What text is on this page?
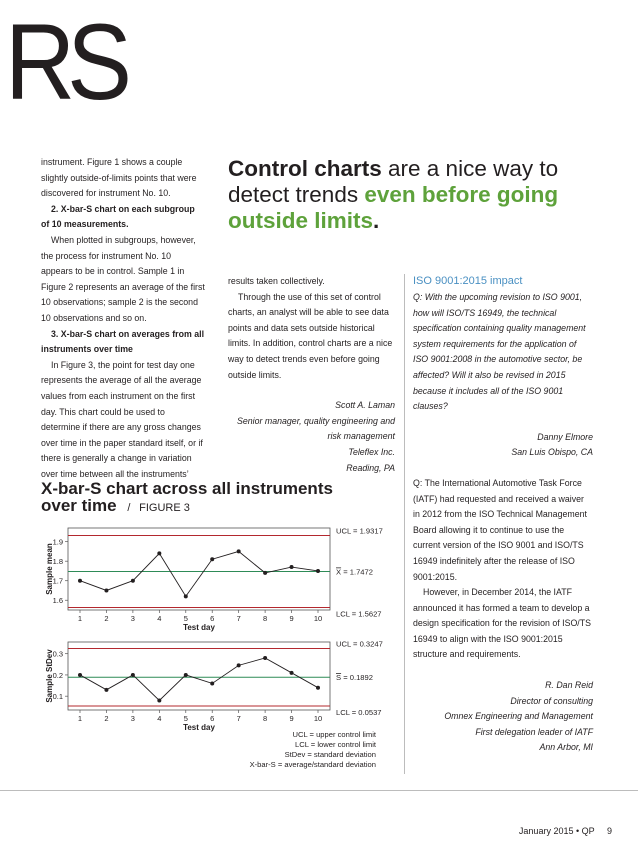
RS

instrument. Figure 1 shows a couple slightly outside-of-limits points that were discovered for instrument No. 10.

2. X-bar-S chart on each subgroup of 10 measurements.

When plotted in subgroups, however, the process for instrument No. 10 appears to be in control. Sample 1 in Figure 2 represents an average of the first 10 observations; sample 2 is the second 10 observations and so on.

3. X-bar-S chart on averages from all instruments over time

In Figure 3, the point for test day one represents the average of all the average values from each instrument on the first day. This chart could be used to determine if there are any gross changes over time in the paper standard itself, or if there is generally a change in variation over time between all the instruments’

Control charts are a nice way to detect trends even before going outside limits.

results taken collectively.

Through the use of this set of control charts, an analyst will be able to see data points and data sets outside historical limits. In addition, control charts are a nice way to detect trends even before going outside limits.

Scott A. Laman

Senior manager, quality engineering and risk management

Teleflex Inc.

Reading, PA

ISO 9001:2015 impact

Q: With the upcoming revision to ISO 9001, how will ISO/TS 16949, the technical specification containing quality management system requirements for the application of ISO 9001:2008 in the automotive sector, be affected? Will it also be revised in 2015 because it includes all of the ISO 9001 clauses?

Danny Elmore

San Luis Obispo, CA

Q: The International Automotive Task Force (IATF) had requested and received a waiver in 2012 from the ISO Technical Management Board allowing it to continue to use the current version of the ISO 9001 and ISO/TS 16949 indefinitely after the release of ISO 9001:2015.

However, in December 2014, the IATF announced it has formed a team to develop a design specification for the revision of ISO/TS 16949 to align with the ISO 9001:2015 structure and requirements.

R. Dan Reid

Director of consulting

Omnex Engineering and Management

First delegation leader of IATF

Ann Arbor, MI

X-bar-S chart across all instruments
over time / FIGURE 3
1.6
1.7
1.8
1.9
1	2	3	4	5	6	7	8	9	10
Test day
Sample mean
UCL = 1.9317
X = 1.7472
LCL = 1.5627
0.1
0.2
0.3
1	2	3	4	5	6	7	8	9	10
Test day
Sample StDev
UCL = 0.3247
S = 0.1892
LCL = 0.0537
UCL = upper control limit
LCL = lower control limit
StDev = standard deviation
X-bar-S = average/standard deviation
January 2015 • QP 9
